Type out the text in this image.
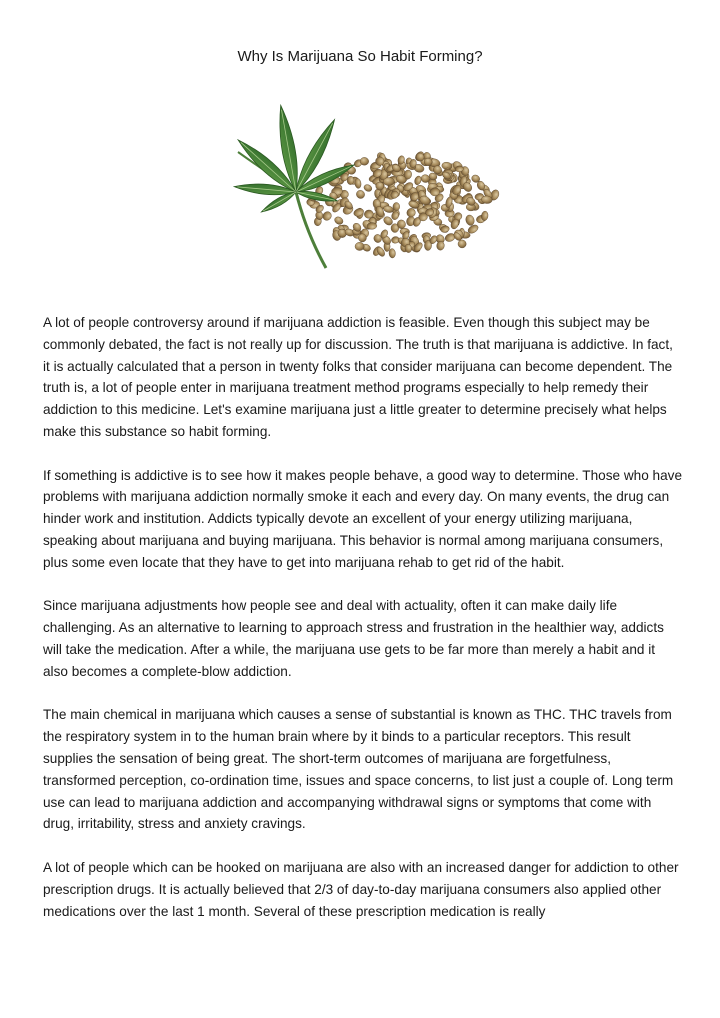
Why Is Marijuana So Habit Forming?

A lot of people controversy around if marijuana addiction is feasible. Even though this subject may be commonly debated, the fact is not really up for discussion. The truth is that marijuana is addictive. In fact, it is actually calculated that a person in twenty folks that consider marijuana can become dependent. The truth is, a lot of people enter in marijuana treatment method programs especially to help remedy their addiction to this medicine. Let's examine marijuana just a little greater to determine precisely what helps make this substance so habit forming.

If something is addictive is to see how it makes people behave, a good way to determine. Those who have problems with marijuana addiction normally smoke it each and every day. On many events, the drug can hinder work and institution. Addicts typically devote an excellent of your energy utilizing marijuana, speaking about marijuana and buying marijuana. This behavior is normal among marijuana consumers, plus some even locate that they have to get into marijuana rehab to get rid of the habit.

Since marijuana adjustments how people see and deal with actuality, often it can make daily life challenging. As an alternative to learning to approach stress and frustration in the healthier way, addicts will take the medication. After a while, the marijuana use gets to be far more than merely a habit and it also becomes a complete-blow addiction.

The main chemical in marijuana which causes a sense of substantial is known as THC. THC travels from the respiratory system in to the human brain where by it binds to a particular receptors. This result supplies the sensation of being great. The short-term outcomes of marijuana are forgetfulness, transformed perception, co-ordination time, issues and space concerns, to list just a couple of. Long term use can lead to marijuana addiction and accompanying withdrawal signs or symptoms that come with drug, irritability, stress and anxiety cravings.

A lot of people which can be hooked on marijuana are also with an increased danger for addiction to other prescription drugs. It is actually believed that 2/3 of day-to-day marijuana consumers also applied other medications over the last 1 month. Several of these prescription medication is really
